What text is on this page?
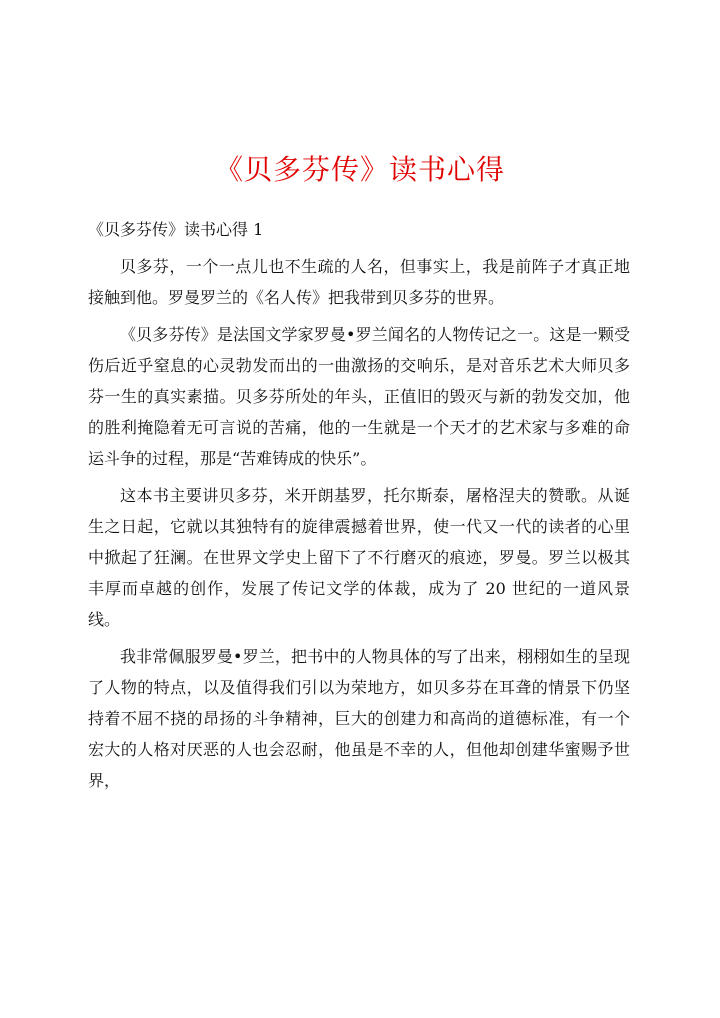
《贝多芬传》读书心得

《贝多芬传》读书心得 1

贝多芬，一个一点儿也不生疏的人名，但事实上，我是前阵子才真正地接触到他。罗曼罗兰的《名人传》把我带到贝多芬的世界。

《贝多芬传》是法国文学家罗曼•罗兰闻名的人物传记之一。这是一颗受伤后近乎窒息的心灵勃发而出的一曲激扬的交响乐，是对音乐艺术大师贝多芬一生的真实素描。贝多芬所处的年头，正值旧的毁灭与新的勃发交加，他的胜利掩隐着无可言说的苦痛，他的一生就是一个天才的艺术家与多难的命运斗争的过程，那是“苦难铸成的快乐”。

这本书主要讲贝多芬，米开朗基罗，托尔斯泰，屠格涅夫的赞歌。从诞生之日起，它就以其独特有的旋律震撼着世界，使一代又一代的读者的心里中掀起了狂澜。在世界文学史上留下了不行磨灭的痕迹，罗曼。罗兰以极其丰厚而卓越的创作，发展了传记文学的体裁，成为了 20 世纪的一道风景线。

我非常佩服罗曼•罗兰，把书中的人物具体的写了出来，栩栩如生的呈现了人物的特点，以及值得我们引以为荣地方，如贝多芬在耳聋的情景下仍坚持着不屈不挠的昂扬的斗争精神，巨大的创建力和高尚的道德标准，有一个宏大的人格对厌恶的人也会忍耐，他虽是不幸的人，但他却创建华蜜赐予世界，
